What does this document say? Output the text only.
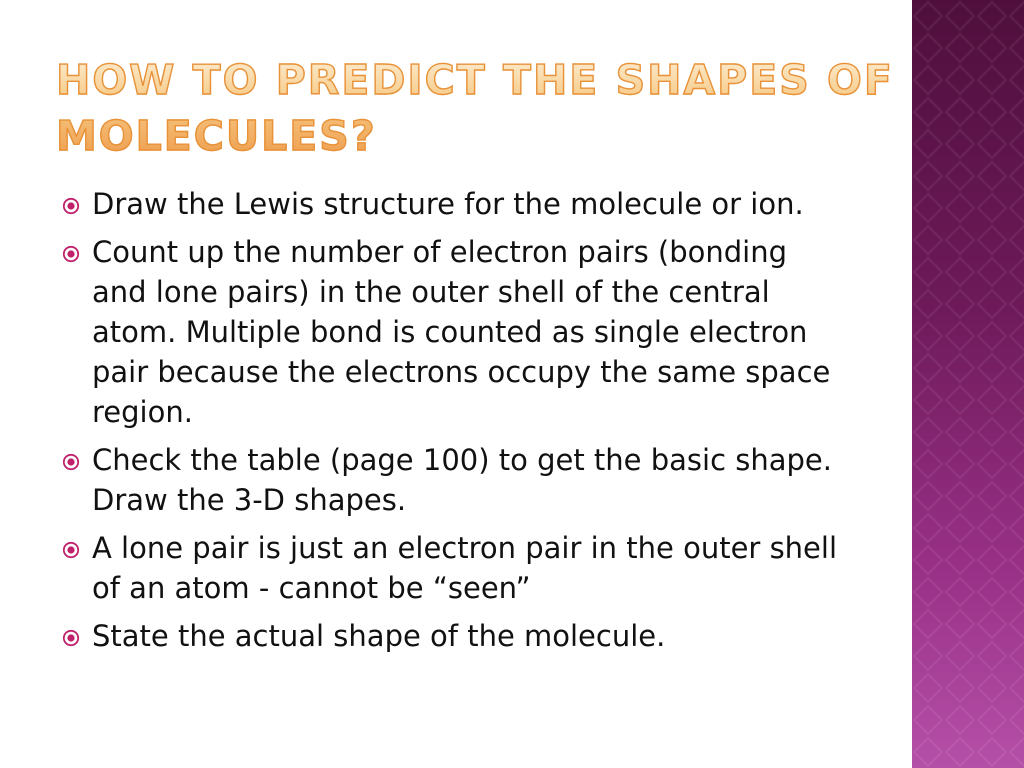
HOW TO PREDICT THE SHAPES OF MOLECULES?
Draw the Lewis structure for the molecule or ion.
Count up the number of electron pairs (bonding and lone pairs) in the outer shell of the central atom. Multiple bond is counted as single electron pair because the electrons occupy the same space region.
Check the table (page 100) to get the basic shape. Draw the 3-D shapes.
A lone pair is just an electron pair in the outer shell of an atom - cannot be “seen”
State the actual shape of the molecule.
